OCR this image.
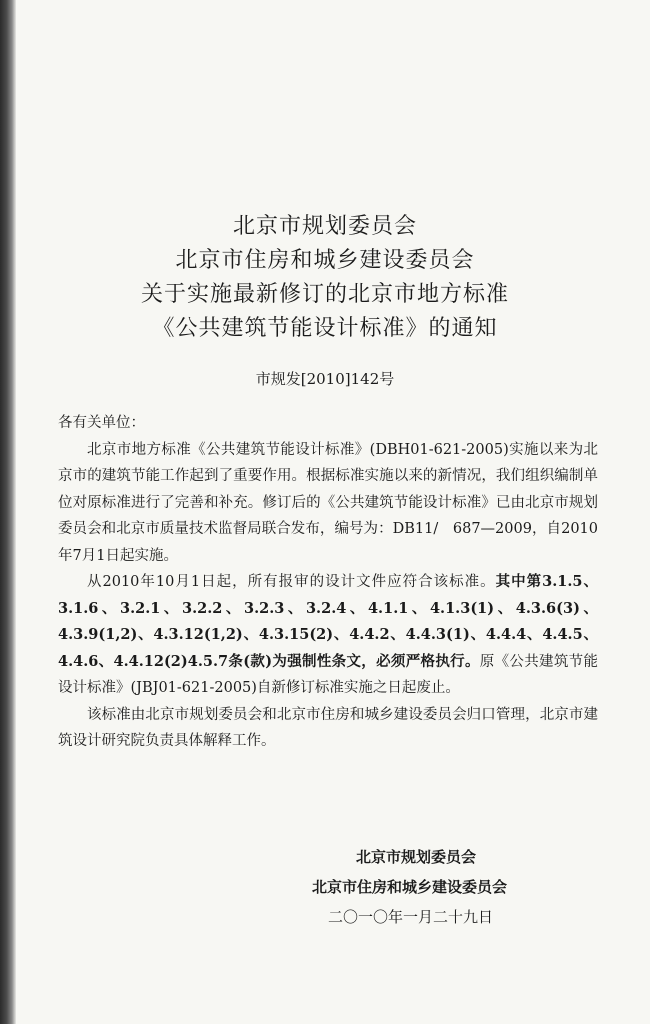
北京市规划委员会

北京市住房和城乡建设委员会

关于实施最新修订的北京市地方标准

《公共建筑节能设计标准》的通知

市规发[2010]142号

各有关单位：

北京市地方标准《公共建筑节能设计标准》(DBH01-621-2005)实施以来为北京市的建筑节能工作起到了重要作用。根据标准实施以来的新情况，我们组织编制单位对原标准进行了完善和补充。修订后的《公共建筑节能设计标准》已由北京市规划委员会和北京市质量技术监督局联合发布，编号为：DB11/　687—2009，自2010年7月1日起实施。

从2010年10月1日起，所有报审的设计文件应符合该标准。其中第3.1.5、3.1.6、3.2.1、3.2.2、3.2.3、3.2.4、4.1.1、4.1.3(1)、4.3.6(3)、4.3.9(1,2)、4.3.12(1,2)、4.3.15(2)、4.4.2、4.4.3(1)、4.4.4、4.4.5、4.4.6、4.4.12(2)4.5.7条(款)为强制性条文，必须严格执行。原《公共建筑节能设计标准》(JBJ01-621-2005)自新修订标准实施之日起废止。

该标准由北京市规划委员会和北京市住房和城乡建设委员会归口管理，北京市建筑设计研究院负责具体解释工作。

北京市规划委员会
北京市住房和城乡建设委员会
二〇一〇年一月二十九日
